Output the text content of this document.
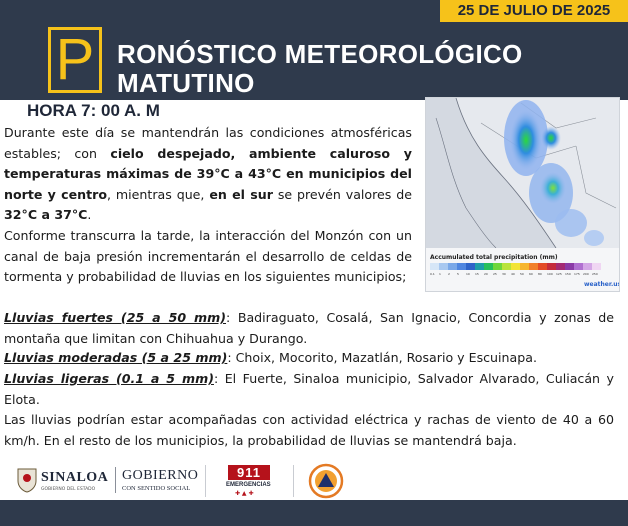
25 DE JULIO DE 2025
P RONÓSTICO METEOROLÓGICO
MATUTINO
HORA 7: 00 A. M
Accumulated total precipitation (mm)
0.1 1 2 5 10 15 20 25 30 40 50 60 80 100 125 150 175 200 250
weather.us
Durante este día se mantendrán las condiciones atmosféricas estables; con cielo despejado, ambiente caluroso y temperaturas máximas de 39°C a 43°C en municipios del norte y centro, mientras que, en el sur se prevén valores de 32°C a 37°C.
Conforme transcurra la tarde, la interacción del Monzón con un canal de baja presión incrementarán el desarrollo de celdas de tormenta y probabilidad de lluvias en los siguientes municipios;
Lluvias fuertes (25 a 50 mm): Badiraguato, Cosalá, San Ignacio, Concordia y zonas de montaña que limitan con Chihuahua y Durango.
Lluvias moderadas (5 a 25 mm): Choix, Mocorito, Mazatlán, Rosario y Escuinapa.
Lluvias ligeras (0.1 a 5 mm): El Fuerte, Sinaloa municipio, Salvador Alvarado, Culiacán y Elota.
Las lluvias podrían estar acompañadas con actividad eléctrica y rachas de viento de 40 a 60 km/h. En el resto de los municipios, la probabilidad de lluvias se mantendrá baja.
SINALOA
GOBIERNO DEL ESTADO
GOBIERNO
CON SENTIDO SOCIAL
911
EMERGENCIAS
✚ ▲ ✚
